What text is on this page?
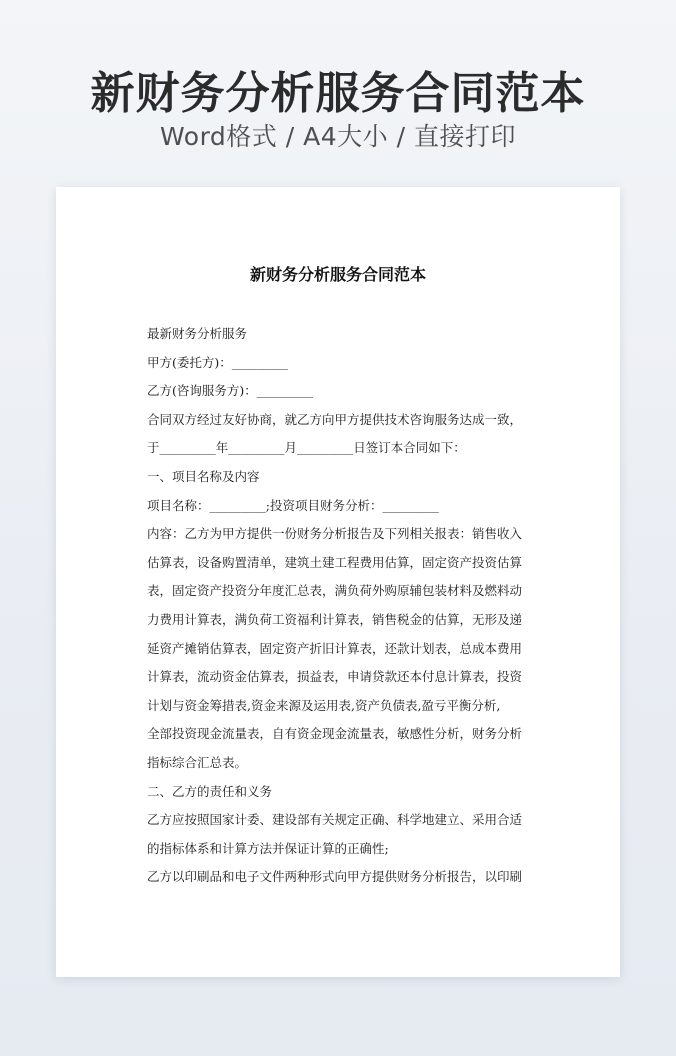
新财务分析服务合同范本
Word格式 / A4大小 / 直接打印
新财务分析服务合同范本
最新财务分析服务
甲方(委托方)：_________
乙方(咨询服务方)：_________
合同双方经过友好协商，就乙方向甲方提供技术咨询服务达成一致，
于_________年_________月_________日签订本合同如下：
一、项目名称及内容
项目名称：_________;投资项目财务分析：_________
内容：乙方为甲方提供一份财务分析报告及下列相关报表：销售收入
估算表，设备购置清单，建筑土建工程费用估算，固定资产投资估算
表，固定资产投资分年度汇总表，满负荷外购原辅包装材料及燃料动
力费用计算表，满负荷工资福利计算表，销售税金的估算，无形及递
延资产摊销估算表，固定资产折旧计算表，还款计划表，总成本费用
计算表，流动资金估算表，损益表，申请贷款还本付息计算表，投资
计划与资金筹措表,资金来源及运用表,资产负债表,盈亏平衡分析,
全部投资现金流量表，自有资金现金流量表，敏感性分析，财务分析
指标综合汇总表。
二、乙方的责任和义务
乙方应按照国家计委、建设部有关规定正确、科学地建立、采用合适
的指标体系和计算方法并保证计算的正确性;
乙方以印刷品和电子文件两种形式向甲方提供财务分析报告，以印刷
